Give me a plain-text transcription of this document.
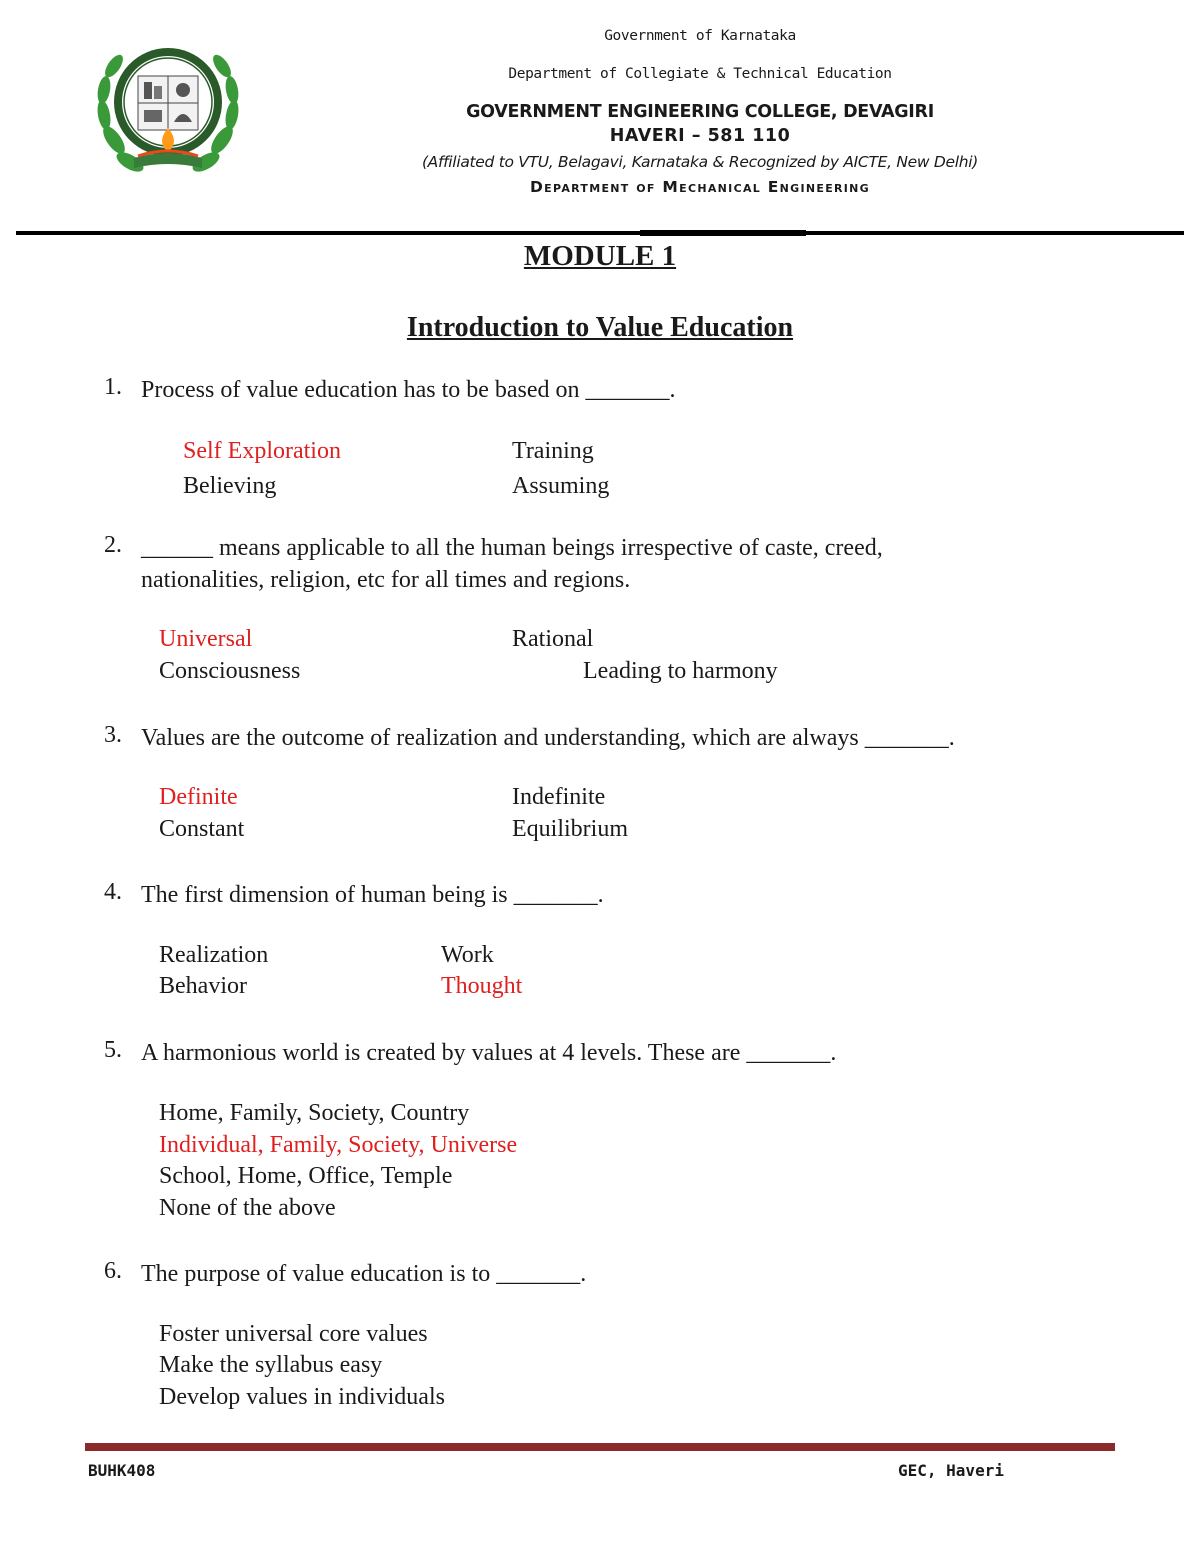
Government of Karnataka
Department of Collegiate & Technical Education
GOVERNMENT ENGINEERING COLLEGE, DEVAGIRI
HAVERI – 581 110
(Affiliated to VTU, Belagavi, Karnataka & Recognized by AICTE, New Delhi)
Department of Mechanical Engineering
MODULE 1
Introduction to Value Education
1. Process of value education has to be based on _______.
Self Exploration	Training
Believing	Assuming
2. ______ means applicable to all the human beings irrespective of caste, creed,
nationalities, religion, etc for all times and regions.
Universal	Rational
Consciousness	Leading to harmony
3. Values are the outcome of realization and understanding, which are always _______.
Definite	Indefinite
Constant	Equilibrium
4. The first dimension of human being is _______.
Realization	Work
Behavior	Thought
5. A harmonious world is created by values at 4 levels. These are _______.
Home, Family, Society, Country
Individual, Family, Society, Universe
School, Home, Office, Temple
None of the above
6. The purpose of value education is to _______.
Foster universal core values
Make the syllabus easy
Develop values in individuals
BUHK408	GEC, Haveri
